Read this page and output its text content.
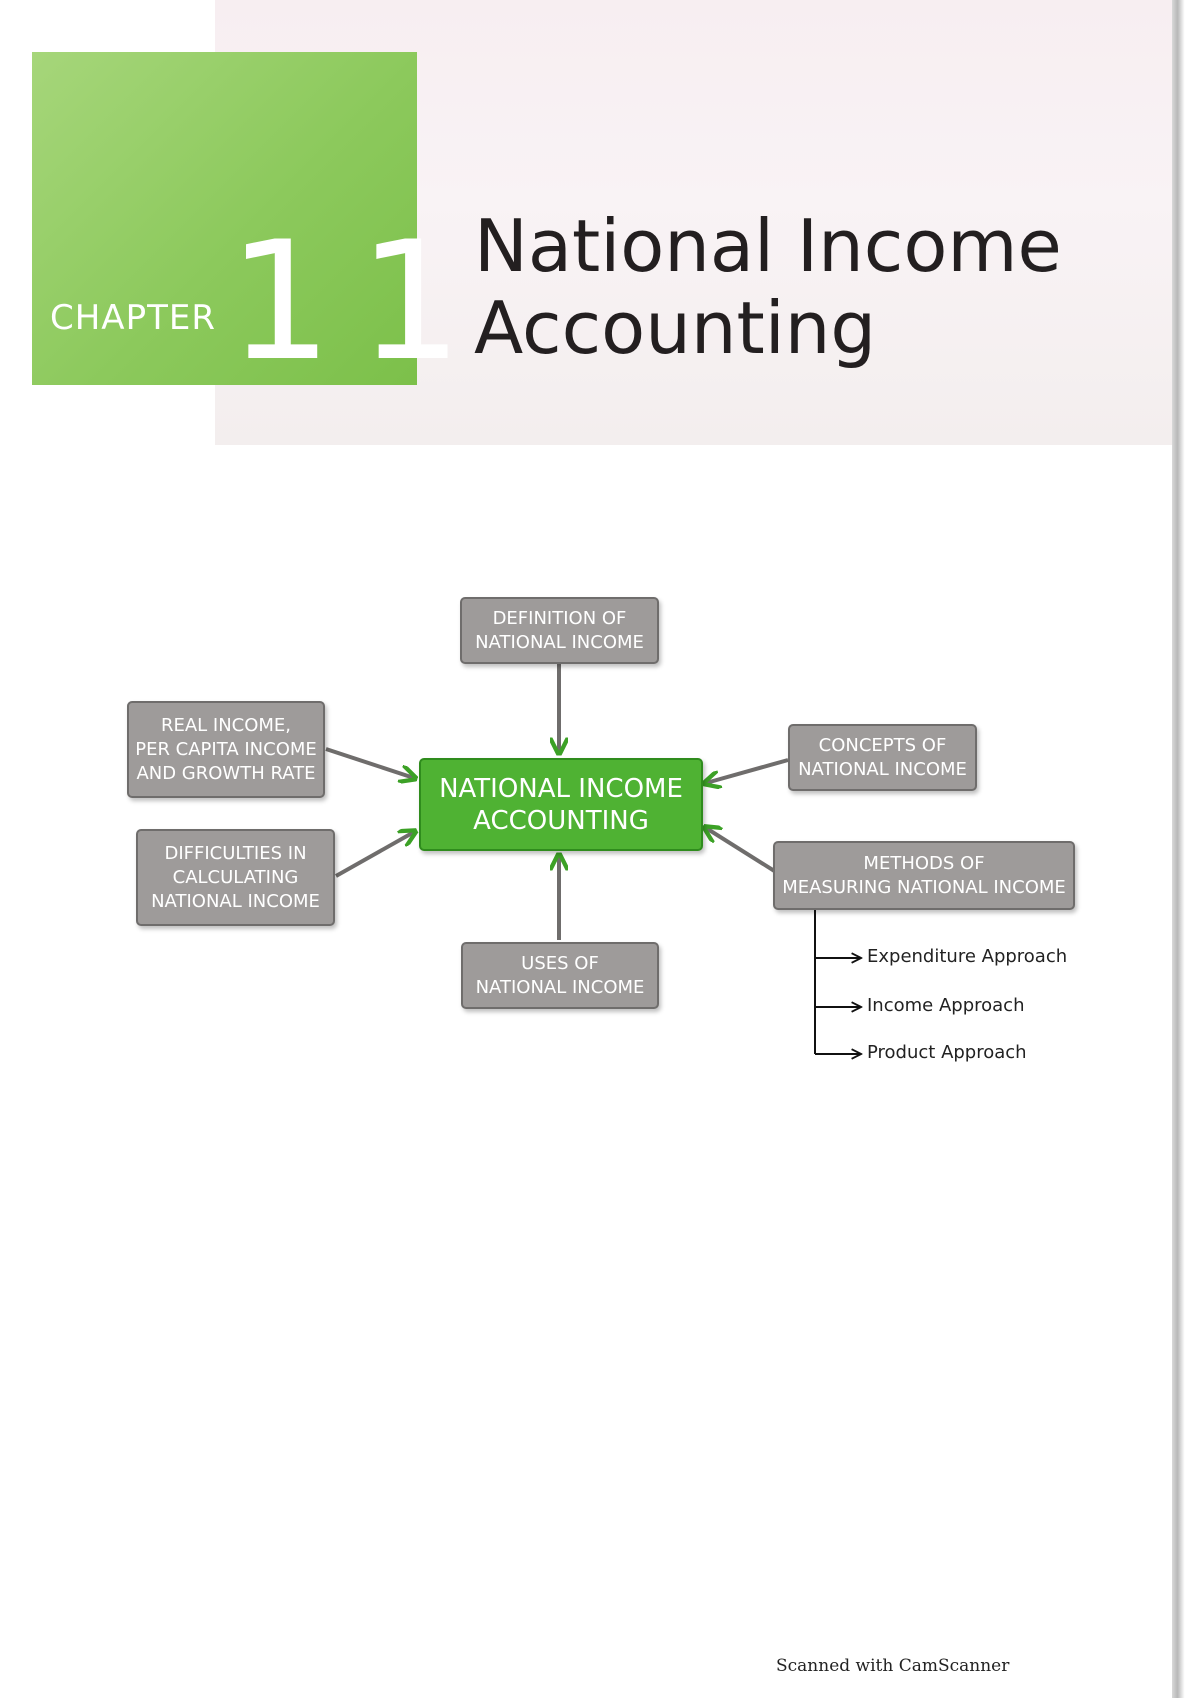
CHAPTER 11
National Income
Accounting
DEFINITION OF
NATIONAL INCOME
REAL INCOME,
PER CAPITA INCOME
AND GROWTH RATE
CONCEPTS OF
NATIONAL INCOME
NATIONAL INCOME
ACCOUNTING
DIFFICULTIES IN
CALCULATING
NATIONAL INCOME
METHODS OF
MEASURING NATIONAL INCOME
USES OF
NATIONAL INCOME
Expenditure Approach
Income Approach
Product Approach
Scanned with CamScanner
